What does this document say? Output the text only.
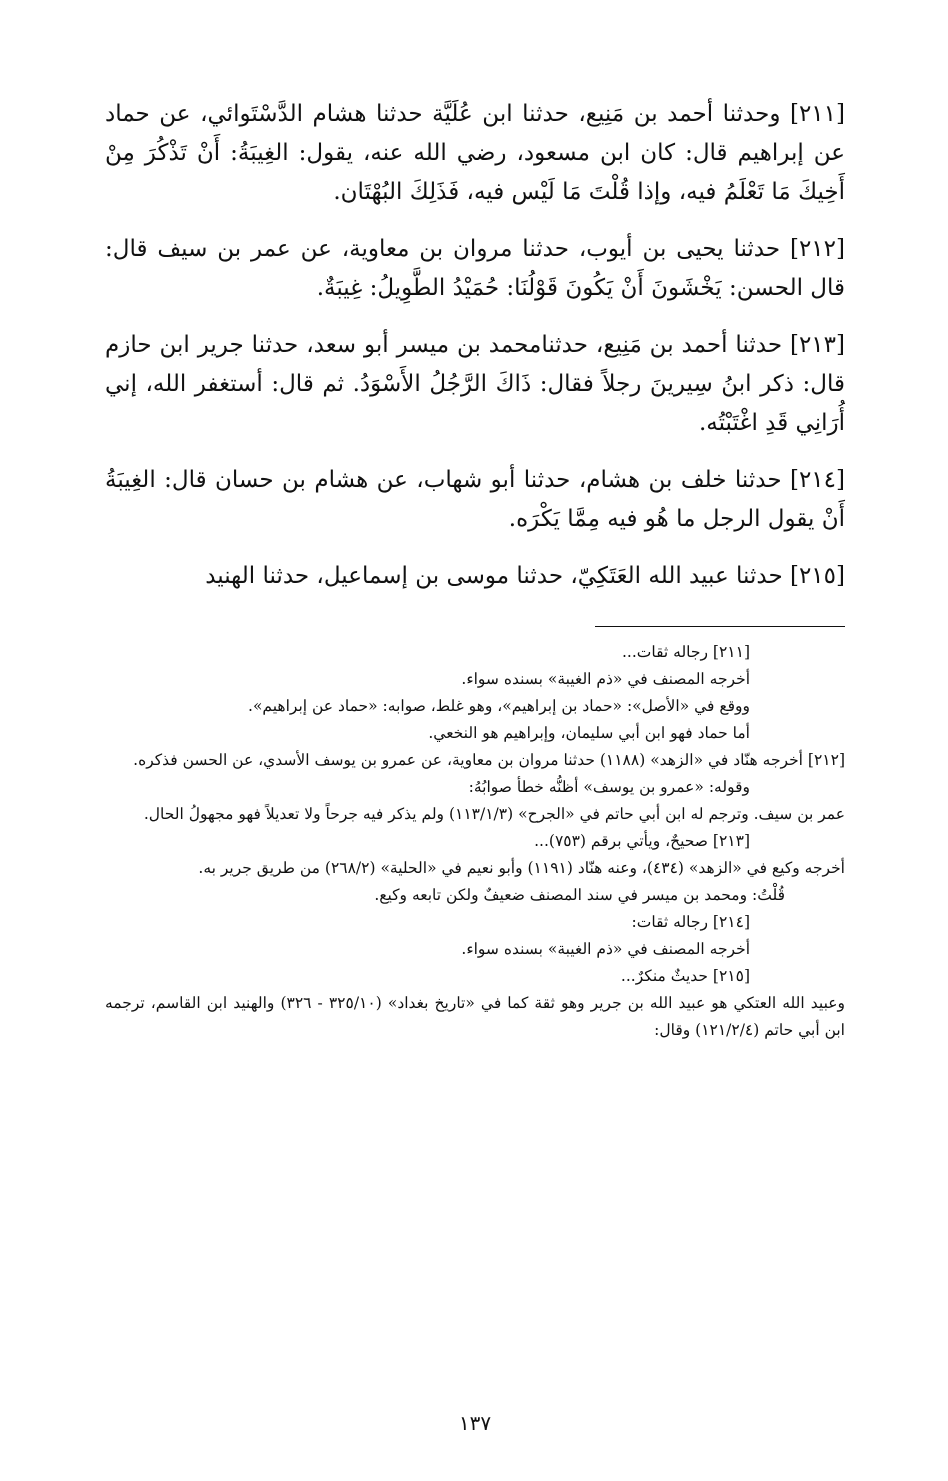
[٢١١] وحدثنا أحمد بن مَنِيع، حدثنا ابن عُلَيَّة حدثنا هشام الدَّسْتَوائي، عن حماد عن إبراهيم قال: كان ابن مسعود، رضي الله عنه، يقول: الغِيبَةُ: أَنْ تَذْكُرَ مِنْ أَخِيكَ مَا تَعْلَمُ فيه، وإذا قُلْتَ مَا لَيْس فيه، فَذَلِكَ البُهْتَان.

[٢١٢] حدثنا يحيى بن أيوب، حدثنا مروان بن معاوية، عن عمر بن سيف قال: قال الحسن: يَخْشَونَ أَنْ يَكُونَ قَوْلُنَا: حُمَيْدُ الطَّوِيلُ: غِيبَةٌ.

[٢١٣] حدثنا أحمد بن مَنِيع، حدثنامحمد بن ميسر أبو سعد، حدثنا جرير ابن حازم قال: ذكر ابنُ سِيرينَ رجلاً فقال: ذَاكَ الرَّجُلُ الأَسْوَدُ. ثم قال: أستغفر الله، إني أُرَانِي قَدِ اغْتَبْتُه.

[٢١٤] حدثنا خلف بن هشام، حدثنا أبو شهاب، عن هشام بن حسان قال: الغِيبَةُ أَنْ يقول الرجل ما هُو فيه مِمَّا يَكْرَه.

[٢١٥] حدثنا عبيد الله العَتَكِيّ، حدثنا موسى بن إسماعيل، حدثنا الهنيد

[٢١١] رجاله ثقات...

أخرجه المصنف في «ذم الغيبة» بسنده سواء.

ووقع في «الأصل»: «حماد بن إبراهيم»، وهو غلط، صوابه: «حماد عن إبراهيم».

أما حماد فهو ابن أبي سليمان، وإبراهيم هو النخعي.

[٢١٢] أخرجه هنّاد في «الزهد» (١١٨٨) حدثنا مروان بن معاوية، عن عمرو بن يوسف الأسدي، عن الحسن فذكره.

وقوله: «عمرو بن يوسف» أظنُّه خطأ صوابُهُ:

عمر بن سيف. وترجم له ابن أبي حاتم في «الجرح» (١١٣/١/٣) ولم يذكر فيه جرحاً ولا تعديلاً فهو مجهولُ الحال.

[٢١٣] صحيحٌ، ويأتي برقم (٧٥٣)...

أخرجه وكيع في «الزهد» (٤٣٤)، وعنه هنّاد (١١٩١) وأبو نعيم في «الحلية» (٢٦٨/٢) من طريق جرير به.

قُلْتُ: ومحمد بن ميسر في سند المصنف ضعيفٌ ولكن تابعه وكيع.

[٢١٤] رجاله ثقات:

أخرجه المصنف في «ذم الغيبة» بسنده سواء.

[٢١٥] حديثٌ منكرٌ...

وعبيد الله العتكي هو عبيد الله بن جرير وهو ثقة كما في «تاريخ بغداد» (٣٢٥/١٠ - ٣٢٦) والهنيد ابن القاسم، ترجمه ابن أبي حاتم (١٢١/٢/٤) وقال:

١٣٧
